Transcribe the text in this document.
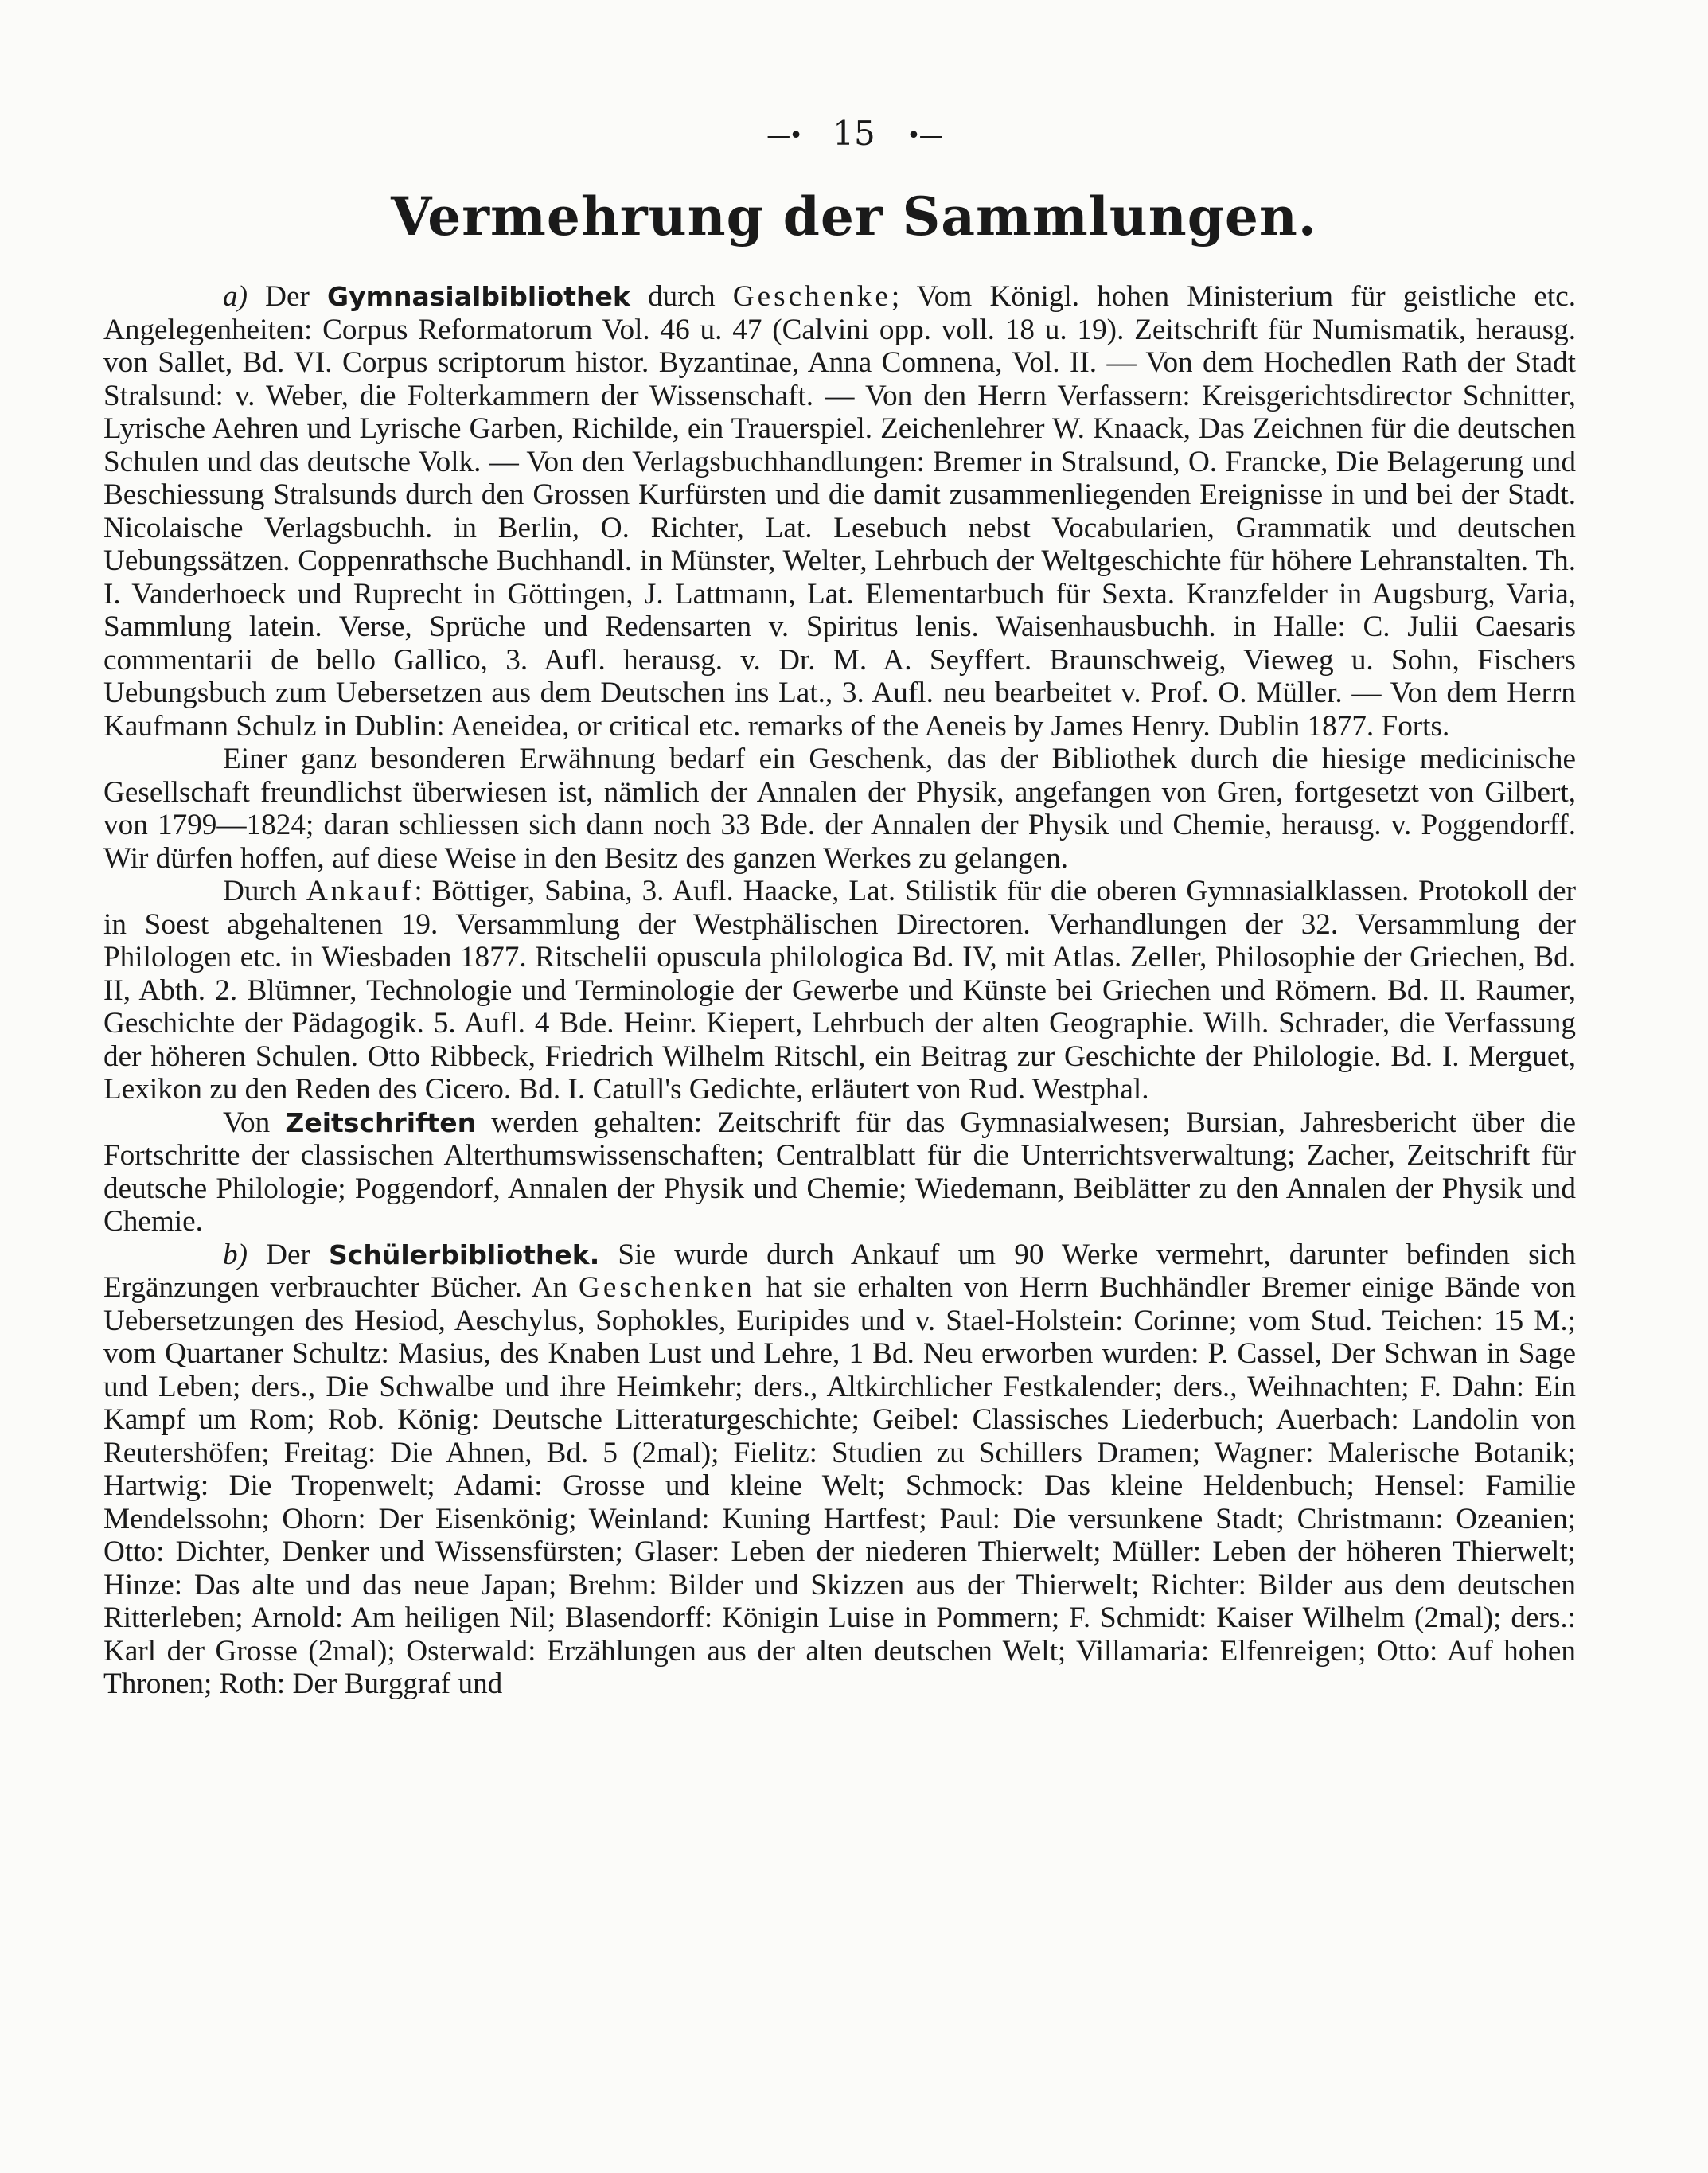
—• 15 •—
Vermehrung der Sammlungen.

a) Der Gymnasialbibliothek durch Geschenke; Vom Königl. hohen Ministerium für geistliche etc. Angelegenheiten: Corpus Reformatorum Vol. 46 u. 47 (Calvini opp. voll. 18 u. 19). Zeitschrift für Numismatik, herausg. von Sallet, Bd. VI. Corpus scriptorum histor. Byzantinae, Anna Comnena, Vol. II. — Von dem Hochedlen Rath der Stadt Stralsund: v. Weber, die Folterkammern der Wissenschaft. — Von den Herrn Verfassern: Kreisgerichtsdirector Schnitter, Lyrische Aehren und Lyrische Garben, Richilde, ein Trauerspiel. Zeichenlehrer W. Knaack, Das Zeichnen für die deutschen Schulen und das deutsche Volk. — Von den Verlagsbuchhandlungen: Bremer in Stralsund, O. Francke, Die Belagerung und Beschiessung Stralsunds durch den Grossen Kurfürsten und die damit zusammenliegenden Ereignisse in und bei der Stadt. Nicolaische Verlagsbuchh. in Berlin, O. Richter, Lat. Lesebuch nebst Vocabularien, Grammatik und deutschen Uebungssätzen. Coppenrathsche Buchhandl. in Münster, Welter, Lehrbuch der Weltgeschichte für höhere Lehranstalten. Th. I. Vanderhoeck und Ruprecht in Göttingen, J. Lattmann, Lat. Elementarbuch für Sexta. Kranzfelder in Augsburg, Varia, Sammlung latein. Verse, Sprüche und Redensarten v. Spiritus lenis. Waisenhausbuchh. in Halle: C. Julii Caesaris commentarii de bello Gallico, 3. Aufl. herausg. v. Dr. M. A. Seyffert. Braunschweig, Vieweg u. Sohn, Fischers Uebungsbuch zum Uebersetzen aus dem Deutschen ins Lat., 3. Aufl. neu bearbeitet v. Prof. O. Müller. — Von dem Herrn Kaufmann Schulz in Dublin: Aeneidea, or critical etc. remarks of the Aeneis by James Henry. Dublin 1877. Forts.

Einer ganz besonderen Erwähnung bedarf ein Geschenk, das der Bibliothek durch die hiesige medicinische Gesellschaft freundlichst überwiesen ist, nämlich der Annalen der Physik, angefangen von Gren, fortgesetzt von Gilbert, von 1799—1824; daran schliessen sich dann noch 33 Bde. der Annalen der Physik und Chemie, herausg. v. Poggendorff. Wir dürfen hoffen, auf diese Weise in den Besitz des ganzen Werkes zu gelangen.

Durch Ankauf: Böttiger, Sabina, 3. Aufl. Haacke, Lat. Stilistik für die oberen Gymnasialklassen. Protokoll der in Soest abgehaltenen 19. Versammlung der Westphälischen Directoren. Verhandlungen der 32. Versammlung der Philologen etc. in Wiesbaden 1877. Ritschelii opuscula philologica Bd. IV, mit Atlas. Zeller, Philosophie der Griechen, Bd. II, Abth. 2. Blümner, Technologie und Terminologie der Gewerbe und Künste bei Griechen und Römern. Bd. II. Raumer, Geschichte der Pädagogik. 5. Aufl. 4 Bde. Heinr. Kiepert, Lehrbuch der alten Geographie. Wilh. Schrader, die Verfassung der höheren Schulen. Otto Ribbeck, Friedrich Wilhelm Ritschl, ein Beitrag zur Geschichte der Philologie. Bd. I. Merguet, Lexikon zu den Reden des Cicero. Bd. I. Catull's Gedichte, erläutert von Rud. Westphal.

Von Zeitschriften werden gehalten: Zeitschrift für das Gymnasialwesen; Bursian, Jahresbericht über die Fortschritte der classischen Alterthumswissenschaften; Centralblatt für die Unterrichtsverwaltung; Zacher, Zeitschrift für deutsche Philologie; Poggendorf, Annalen der Physik und Chemie; Wiedemann, Beiblätter zu den Annalen der Physik und Chemie.

b) Der Schülerbibliothek. Sie wurde durch Ankauf um 90 Werke vermehrt, darunter befinden sich Ergänzungen verbrauchter Bücher. An Geschenken hat sie erhalten von Herrn Buchhändler Bremer einige Bände von Uebersetzungen des Hesiod, Aeschylus, Sophokles, Euripides und v. Stael-Holstein: Corinne; vom Stud. Teichen: 15 M.; vom Quartaner Schultz: Masius, des Knaben Lust und Lehre, 1 Bd. Neu erworben wurden: P. Cassel, Der Schwan in Sage und Leben; ders., Die Schwalbe und ihre Heimkehr; ders., Altkirchlicher Festkalender; ders., Weihnachten; F. Dahn: Ein Kampf um Rom; Rob. König: Deutsche Litteraturgeschichte; Geibel: Classisches Liederbuch; Auerbach: Landolin von Reutershöfen; Freitag: Die Ahnen, Bd. 5 (2mal); Fielitz: Studien zu Schillers Dramen; Wagner: Malerische Botanik; Hartwig: Die Tropenwelt; Adami: Grosse und kleine Welt; Schmock: Das kleine Heldenbuch; Hensel: Familie Mendelssohn; Ohorn: Der Eisenkönig; Weinland: Kuning Hartfest; Paul: Die versunkene Stadt; Christmann: Ozeanien; Otto: Dichter, Denker und Wissensfürsten; Glaser: Leben der niederen Thierwelt; Müller: Leben der höheren Thierwelt; Hinze: Das alte und das neue Japan; Brehm: Bilder und Skizzen aus der Thierwelt; Richter: Bilder aus dem deutschen Ritterleben; Arnold: Am heiligen Nil; Blasendorff: Königin Luise in Pommern; F. Schmidt: Kaiser Wilhelm (2mal); ders.: Karl der Grosse (2mal); Osterwald: Erzählungen aus der alten deutschen Welt; Villamaria: Elfenreigen; Otto: Auf hohen Thronen; Roth: Der Burggraf und
